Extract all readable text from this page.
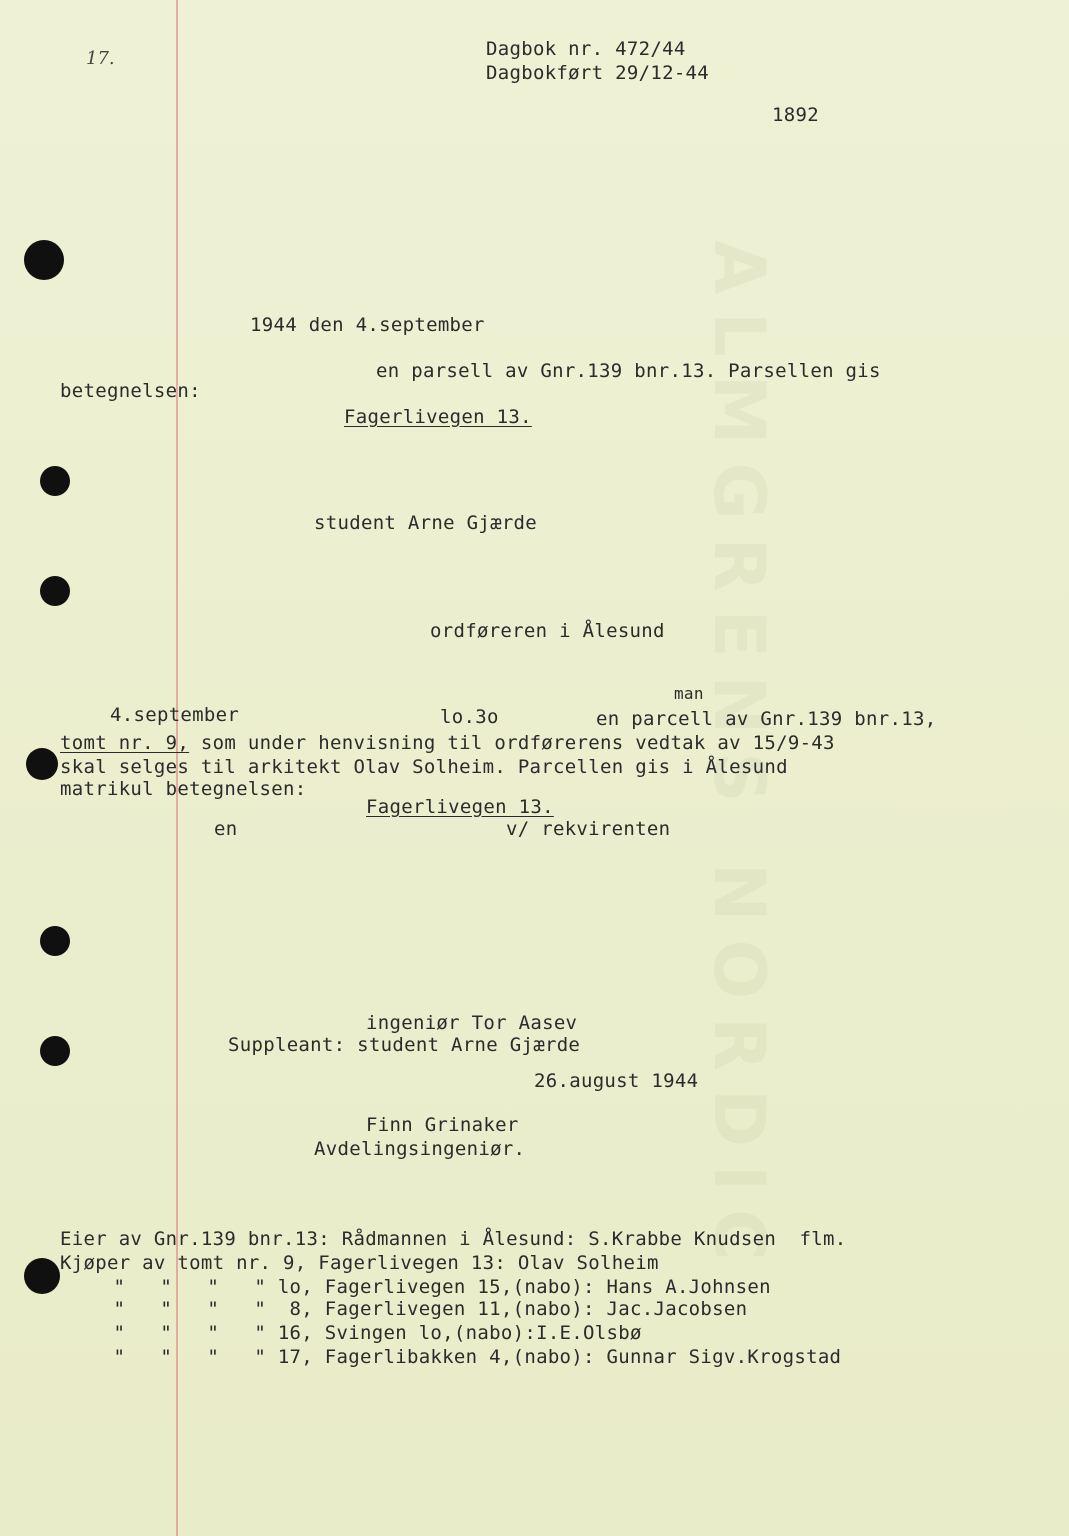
ALMGRENS NORDIC
17.	Dagbok nr. 472/44
Dagbokført 29/12-44
1892
1944 den 4.september
en parsell av Gnr.139 bnr.13. Parsellen gis
betegnelsen:
Fagerlivegen 13.
student Arne Gjærde
ordføreren i Ålesund
man
4.september	lo.3o	en parcell av Gnr.139 bnr.13,
tomt nr. 9, som under henvisning til ordførerens vedtak av 15/9-43
skal selges til arkitekt Olav Solheim. Parcellen gis i Ålesund
matrikul betegnelsen:
Fagerlivegen 13.
en	v/ rekvirenten
ingeniør Tor Aasev
Suppleant: student Arne Gjærde
26.august 1944
Finn Grinaker
Avdelingsingeniør.
Eier av Gnr.139 bnr.13: Rådmannen i Ålesund: S.Krabbe Knudsen  flm.
Kjøper av tomt nr. 9, Fagerlivegen 13: Olav Solheim
"   "   "   " lo, Fagerlivegen 15,(nabo): Hans A.Johnsen
"   "   "   "  8, Fagerlivegen 11,(nabo): Jac.Jacobsen
"   "   "   " 16, Svingen lo,(nabo):I.E.Olsbø
"   "   "   " 17, Fagerlibakken 4,(nabo): Gunnar Sigv.Krogstad
